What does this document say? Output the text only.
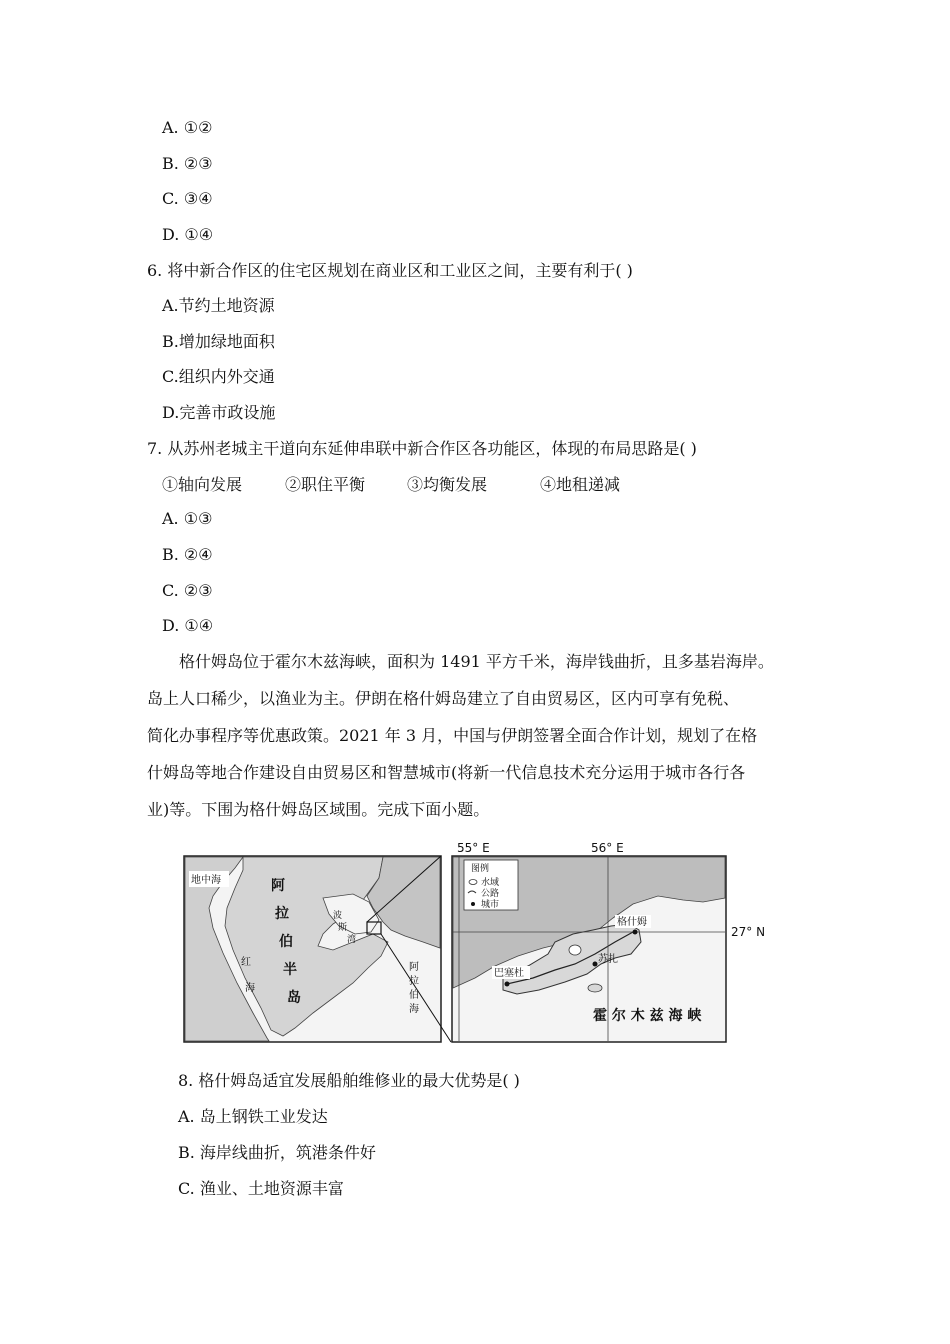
A. ①②
B. ②③
C. ③④
D. ①④
6. 将中新合作区的住宅区规划在商业区和工业区之间，主要有利于( )
A.节约土地资源
B.增加绿地面积
C.组织内外交通
D.完善市政设施
7. 从苏州老城主干道向东延伸串联中新合作区各功能区，体现的布局思路是( )
①轴向发展	②职住平衡	③均衡发展	④地租递减
A. ①③
B. ②④
C. ②③
D. ①④
格什姆岛位于霍尔木兹海峡，面积为 1491 平方千米，海岸钱曲折，且多基岩海岸。
岛上人口稀少，以渔业为主。伊朗在格什姆岛建立了自由贸易区，区内可享有免税、
简化办事程序等优惠政策。2021 年 3 月，中国与伊朗签署全面合作计划，规划了在格
什姆岛等地合作建设自由贸易区和智慧城市(将新一代信息技术充分运用于城市各行各
业)等。下围为格什姆岛区域围。完成下面小题。
地中海	阿
拉
伯
半
岛
红
海
波
斯
湾
阿
拉
伯
海
55° E	56° E
27° N
图例
水域
公路
城市
格什姆
苏扎
巴塞杜
霍 尔 木 兹 海 峡
8. 格什姆岛适宜发展船舶维修业的最大优势是( )
A. 岛上钢铁工业发达
B. 海岸线曲折，筑港条件好
C. 渔业、土地资源丰富
